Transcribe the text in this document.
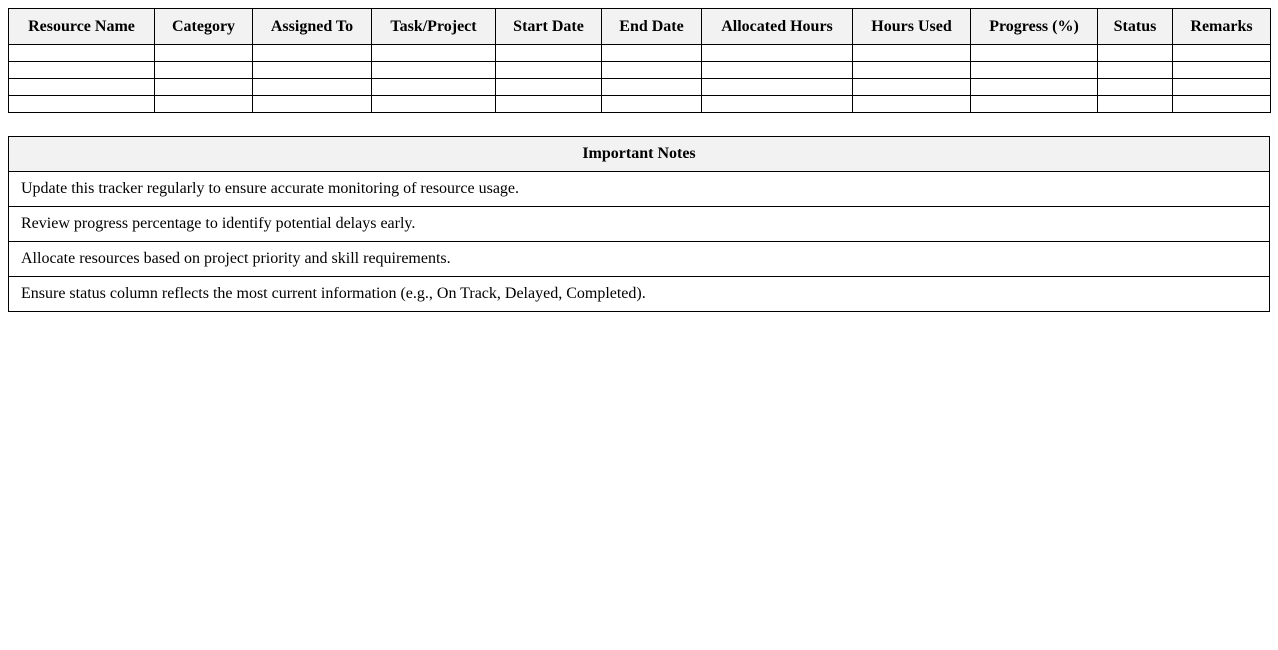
Resource Name	Category	Assigned To	Task/Project	Start Date	End Date	Allocated Hours	Hours Used	Progress (%)	Status	Remarks

Important Notes
Update this tracker regularly to ensure accurate monitoring of resource usage.
Review progress percentage to identify potential delays early.
Allocate resources based on project priority and skill requirements.
Ensure status column reflects the most current information (e.g., On Track, Delayed, Completed).
